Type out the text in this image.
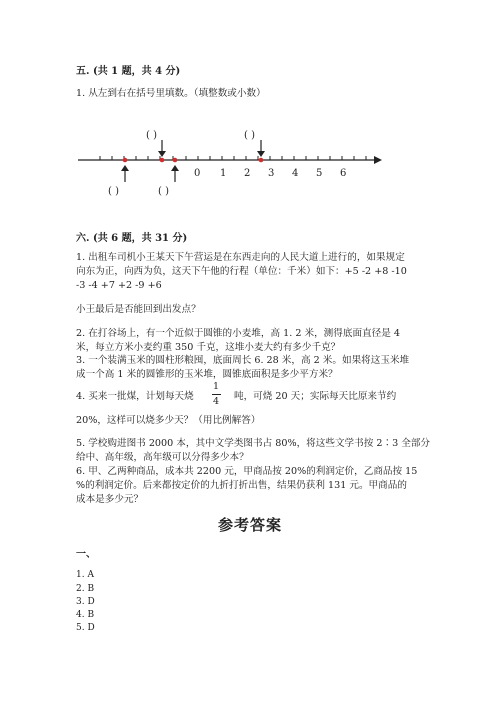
五. (共 1 题，共 4 分)
1. 从左到右在括号里填数。（填整数或小数）
( )	( )
0 1 2 3 4 5 6
( )	( )
六. (共 6 题，共 31 分)
1. 出租车司机小王某天下午营运是在东西走向的人民大道上进行的，如果规定
向东为正，向西为负，这天下午他的行程（单位：千米）如下：+5 -2 +8 -10
-3 -4 +7 +2 -9 +6
小王最后是否能回到出发点？
2. 在打谷场上，有一个近似于圆锥的小麦堆，高 1. 2 米，测得底面直径是 4
米，每立方米小麦约重 350 千克，这堆小麦大约有多少千克？
3. 一个装满玉米的圆柱形粮囤，底面周长 6. 28 米，高 2 米。如果将这玉米堆
成一个高 1 米的圆锥形的玉米堆，圆锥底面积是多少平方米？
4. 买来一批煤，计划每天烧
1
4	吨，可烧 20 天；实际每天比原来节约
20%，这样可以烧多少天？（用比例解答）
5. 学校购进图书 2000 本，其中文学类图书占 80%，将这些文学书按 2∶3 全部分
给中、高年级，高年级可以分得多少本？
6. 甲、乙两种商品，成本共 2200 元，甲商品按 20%的利润定价，乙商品按 15
%的利润定价。后来都按定价的九折打折出售，结果仍获利 131 元。甲商品的
成本是多少元？
参考答案
一、
1. A
2. B
3. D
4. B
5. D
